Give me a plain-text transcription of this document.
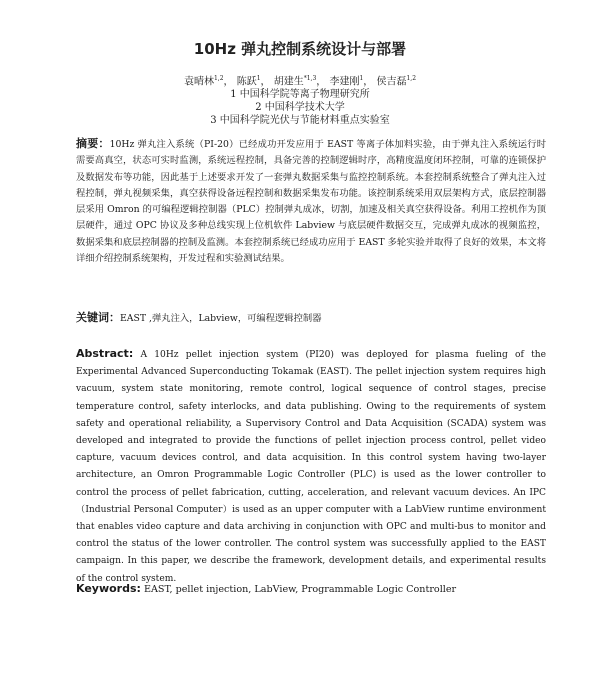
10Hz 弹丸控制系统设计与部署
袁晴林$^{1,2}$， 陈跃$^1$， 胡建生$^{*1,3}$， 李建刚$^1$， 侯吉磊$^{1,2}$
1 中国科学院等离子物理研究所
2 中国科学技术大学
3 中国科学院光伏与节能材料重点实验室
摘要：10Hz 弹丸注入系统（PI-20）已经成功开发应用于 EAST 等离子体加料实验，由于弹丸注入系统运行时需要高真空，状态可实时监测，系统远程控制，具备完善的控制逻辑时序，高精度温度闭环控制，可靠的连锁保护及数据发布等功能，因此基于上述要求开发了一套弹丸数据采集与监控控制系统。本套控制系统整合了弹丸注入过程控制，弹丸视频采集，真空获得设备远程控制和数据采集发布功能。该控制系统采用双层架构方式，底层控制器层采用 Omron 的可编程逻辑控制器（PLC）控制弹丸成冰，切割，加速及相关真空获得设备。利用工控机作为顶层硬件，通过 OPC 协议及多种总线实现上位机软件 Labview 与底层硬件数据交互，完成弹丸成冰的视频监控，数据采集和底层控制器的控制及监测。本套控制系统已经成功应用于 EAST 多轮实验并取得了良好的效果，本文将详细介绍控制系统架构，开发过程和实验测试结果。
关键词：EAST ,弹丸注入，Labview，可编程逻辑控制器
Abstract: A 10Hz pellet injection system (PI20) was deployed for plasma fueling of the Experimental Advanced Superconducting Tokamak (EAST). The pellet injection system requires high vacuum, system state monitoring, remote control, logical sequence of control stages, precise temperature control, safety interlocks, and data publishing. Owing to the requirements of system safety and operational reliability, a Supervisory Control and Data Acquisition (SCADA) system was developed and integrated to provide the functions of pellet injection process control, pellet video capture, vacuum devices control, and data acquisition. In this control system having two-layer architecture, an Omron Programmable Logic Controller (PLC) is used as the lower controller to control the process of pellet fabrication, cutting, acceleration, and relevant vacuum devices. An IPC（Industrial Personal Computer）is used as an upper computer with a LabView runtime environment that enables video capture and data archiving in conjunction with OPC and multi-bus to monitor and control the status of the lower controller. The control system was successfully applied to the EAST campaign. In this paper, we describe the framework, development details, and experimental results of the control system.
Keywords: EAST, pellet injection, LabView, Programmable Logic Controller
